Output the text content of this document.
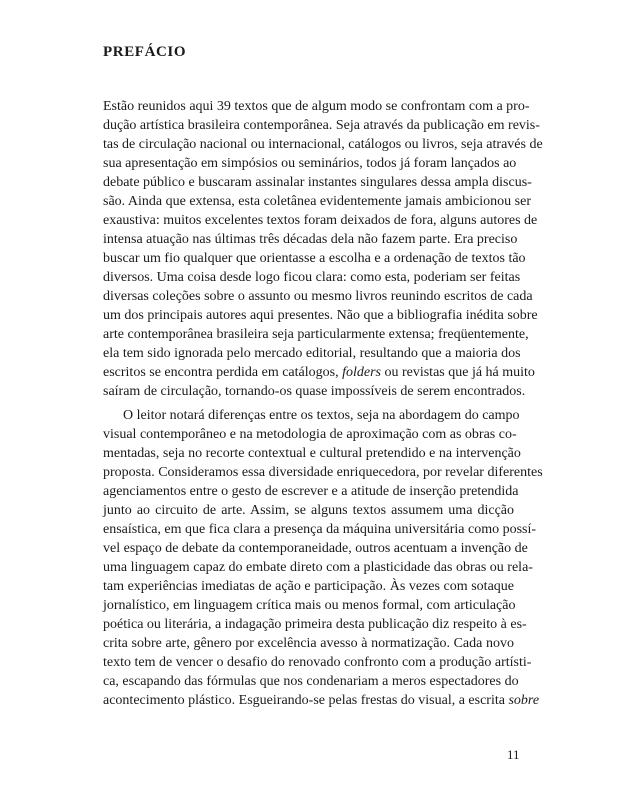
PREFÁCIO
Estão reunidos aqui 39 textos que de algum modo se confrontam com a pro-
dução artística brasileira contemporânea. Seja através da publicação em revis-
tas de circulação nacional ou internacional, catálogos ou livros, seja através de
sua apresentação em simpósios ou seminários, todos já foram lançados ao
debate público e buscaram assinalar instantes singulares dessa ampla discus-
são. Ainda que extensa, esta coletânea evidentemente jamais ambicionou ser
exaustiva: muitos excelentes textos foram deixados de fora, alguns autores de
intensa atuação nas últimas três décadas dela não fazem parte. Era preciso
buscar um fio qualquer que orientasse a escolha e a ordenação de textos tão
diversos. Uma coisa desde logo ficou clara: como esta, poderiam ser feitas
diversas coleções sobre o assunto ou mesmo livros reunindo escritos de cada
um dos principais autores aqui presentes. Não que a bibliografia inédita sobre
arte contemporânea brasileira seja particularmente extensa; freqüentemente,
ela tem sido ignorada pelo mercado editorial, resultando que a maioria dos
escritos se encontra perdida em catálogos, folders ou revistas que já há muito
saíram de circulação, tornando-os quase impossíveis de serem encontrados.
O leitor notará diferenças entre os textos, seja na abordagem do campo
visual contemporâneo e na metodologia de aproximação com as obras co-
mentadas, seja no recorte contextual e cultural pretendido e na intervenção
proposta. Consideramos essa diversidade enriquecedora, por revelar diferentes
agenciamentos entre o gesto de escrever e a atitude de inserção pretendida
junto ao circuito de arte. Assim, se alguns textos assumem uma dicção
ensaística, em que fica clara a presença da máquina universitária como possí-
vel espaço de debate da contemporaneidade, outros acentuam a invenção de
uma linguagem capaz do embate direto com a plasticidade das obras ou rela-
tam experiências imediatas de ação e participação. Às vezes com sotaque
jornalístico, em linguagem crítica mais ou menos formal, com articulação
poética ou literária, a indagação primeira desta publicação diz respeito à es-
crita sobre arte, gênero por excelência avesso à normatização. Cada novo
texto tem de vencer o desafio do renovado confronto com a produção artísti-
ca, escapando das fórmulas que nos condenariam a meros espectadores do
acontecimento plástico. Esgueirando-se pelas frestas do visual, a escrita sobre
11
